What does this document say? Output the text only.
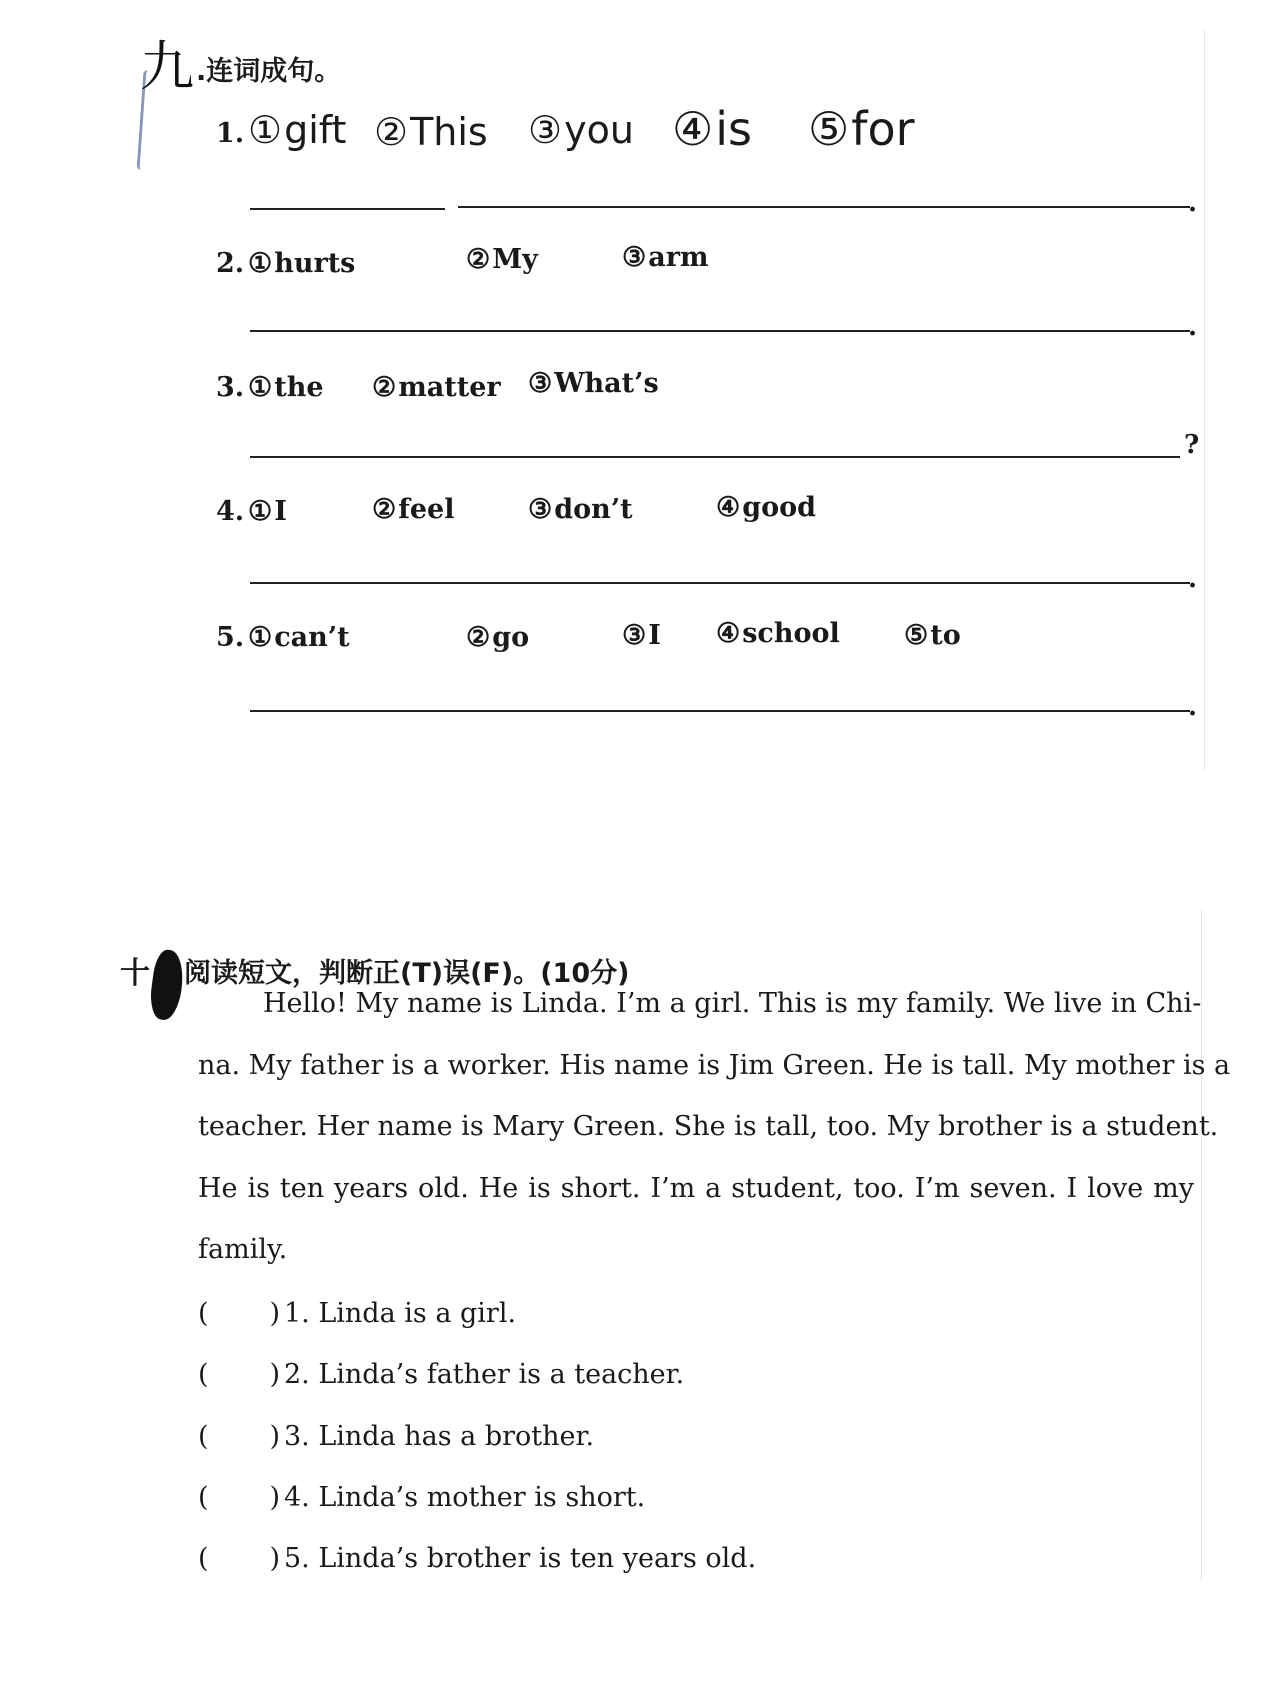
九 .连词成句。
1. ①gift ②This ③you ④is ⑤for
.
2. ①hurts	②My	③arm
.
3. ①the ②matter ③What’s
?
4. ①I	②feel	③don’t	④good
.
5. ①can’t	②go	③I ④school ⑤to
.
十 阅读短文，判断正(T)误(F)。(10分)
Hello! My name is Linda. I’m a girl. This is my family. We live in Chi-
na. My father is a worker. His name is Jim Green. He is tall. My mother is a
teacher. Her name is Mary Green. She is tall, too. My brother is a student.
He is ten years old. He is short. I’m a student, too. I’m seven. I love my
family.
( ) 1. Linda is a girl.
( ) 2. Linda’s father is a teacher.
( ) 3. Linda has a brother.
( ) 4. Linda’s mother is short.
( ) 5. Linda’s brother is ten years old.
